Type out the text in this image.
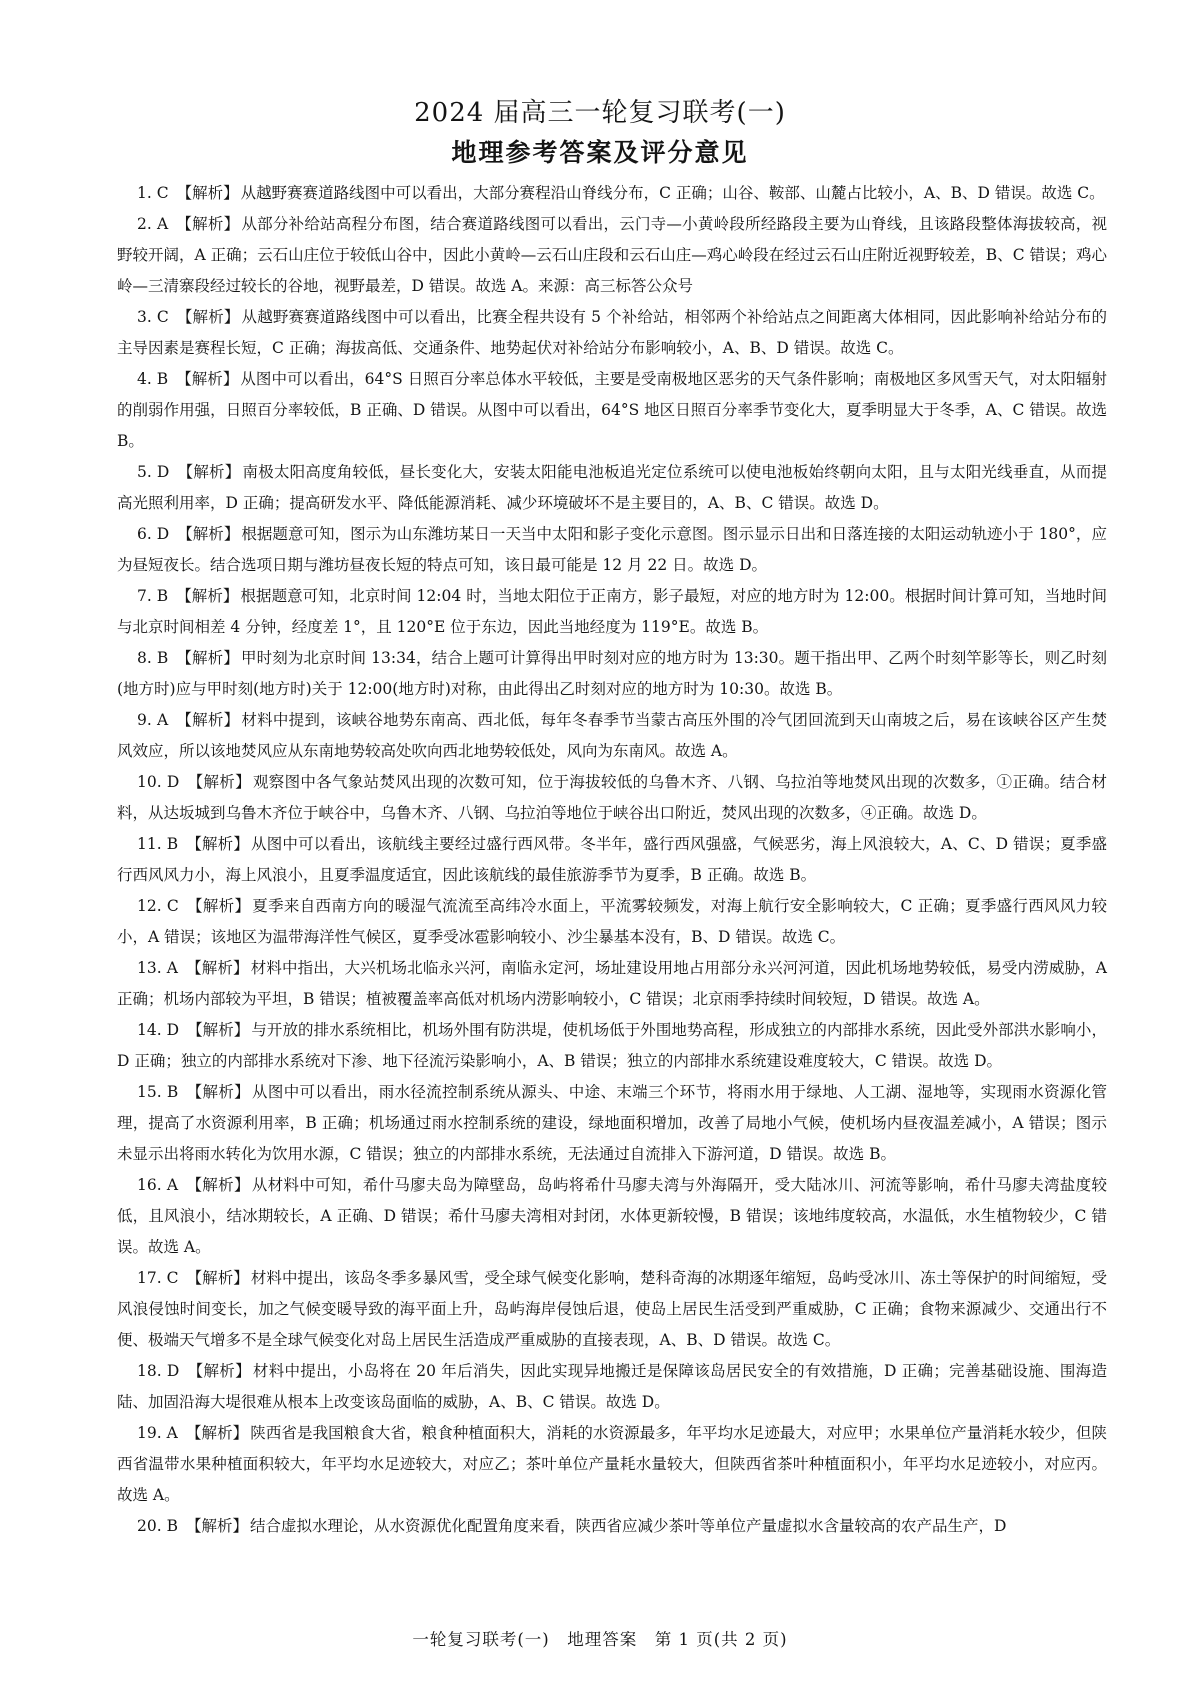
2024 届高三一轮复习联考(一)
地理参考答案及评分意见

1. C 【解析】 从越野赛赛道路线图中可以看出，大部分赛程沿山脊线分布，C 正确；山谷、鞍部、山麓占比较小，A、B、D 错误。故选 C。

2. A 【解析】 从部分补给站高程分布图，结合赛道路线图可以看出，云门寺—小黄岭段所经路段主要为山脊线，且该路段整体海拔较高，视野较开阔，A 正确；云石山庄位于较低山谷中，因此小黄岭—云石山庄段和云石山庄—鸡心岭段在经过云石山庄附近视野较差，B、C 错误；鸡心岭—三清寨段经过较长的谷地，视野最差，D 错误。故选 A。来源：高三标答公众号

3. C 【解析】 从越野赛赛道路线图中可以看出，比赛全程共设有 5 个补给站，相邻两个补给站点之间距离大体相同，因此影响补给站分布的主导因素是赛程长短，C 正确；海拔高低、交通条件、地势起伏对补给站分布影响较小，A、B、D 错误。故选 C。

4. B 【解析】 从图中可以看出，64°S 日照百分率总体水平较低，主要是受南极地区恶劣的天气条件影响；南极地区多风雪天气，对太阳辐射的削弱作用强，日照百分率较低，B 正确、D 错误。从图中可以看出，64°S 地区日照百分率季节变化大，夏季明显大于冬季，A、C 错误。故选 B。

5. D 【解析】 南极太阳高度角较低，昼长变化大，安装太阳能电池板追光定位系统可以使电池板始终朝向太阳，且与太阳光线垂直，从而提高光照利用率，D 正确；提高研发水平、降低能源消耗、减少环境破坏不是主要目的，A、B、C 错误。故选 D。

6. D 【解析】 根据题意可知，图示为山东潍坊某日一天当中太阳和影子变化示意图。图示显示日出和日落连接的太阳运动轨迹小于 180°，应为昼短夜长。结合选项日期与潍坊昼夜长短的特点可知，该日最可能是 12 月 22 日。故选 D。

7. B 【解析】 根据题意可知，北京时间 12:04 时，当地太阳位于正南方，影子最短，对应的地方时为 12:00。根据时间计算可知，当地时间与北京时间相差 4 分钟，经度差 1°，且 120°E 位于东边，因此当地经度为 119°E。故选 B。

8. B 【解析】 甲时刻为北京时间 13:34，结合上题可计算得出甲时刻对应的地方时为 13:30。题干指出甲、乙两个时刻竿影等长，则乙时刻(地方时)应与甲时刻(地方时)关于 12:00(地方时)对称，由此得出乙时刻对应的地方时为 10:30。故选 B。

9. A 【解析】 材料中提到，该峡谷地势东南高、西北低，每年冬春季节当蒙古高压外围的冷气团回流到天山南坡之后，易在该峡谷区产生焚风效应，所以该地焚风应从东南地势较高处吹向西北地势较低处，风向为东南风。故选 A。

10. D 【解析】 观察图中各气象站焚风出现的次数可知，位于海拔较低的乌鲁木齐、八钢、乌拉泊等地焚风出现的次数多，①正确。结合材料，从达坂城到乌鲁木齐位于峡谷中，乌鲁木齐、八钢、乌拉泊等地位于峡谷出口附近，焚风出现的次数多，④正确。故选 D。

11. B 【解析】 从图中可以看出，该航线主要经过盛行西风带。冬半年，盛行西风强盛，气候恶劣，海上风浪较大，A、C、D 错误；夏季盛行西风风力小，海上风浪小，且夏季温度适宜，因此该航线的最佳旅游季节为夏季，B 正确。故选 B。

12. C 【解析】 夏季来自西南方向的暖湿气流流至高纬冷水面上，平流雾较频发，对海上航行安全影响较大，C 正确；夏季盛行西风风力较小，A 错误；该地区为温带海洋性气候区，夏季受冰雹影响较小、沙尘暴基本没有，B、D 错误。故选 C。

13. A 【解析】 材料中指出，大兴机场北临永兴河，南临永定河，场址建设用地占用部分永兴河河道，因此机场地势较低，易受内涝威胁，A 正确；机场内部较为平坦，B 错误；植被覆盖率高低对机场内涝影响较小，C 错误；北京雨季持续时间较短，D 错误。故选 A。

14. D 【解析】 与开放的排水系统相比，机场外围有防洪堤，使机场低于外围地势高程，形成独立的内部排水系统，因此受外部洪水影响小，D 正确；独立的内部排水系统对下渗、地下径流污染影响小，A、B 错误；独立的内部排水系统建设难度较大，C 错误。故选 D。

15. B 【解析】 从图中可以看出，雨水径流控制系统从源头、中途、末端三个环节，将雨水用于绿地、人工湖、湿地等，实现雨水资源化管理，提高了水资源利用率，B 正确；机场通过雨水控制系统的建设，绿地面积增加，改善了局地小气候，使机场内昼夜温差减小，A 错误；图示未显示出将雨水转化为饮用水源，C 错误；独立的内部排水系统，无法通过自流排入下游河道，D 错误。故选 B。

16. A 【解析】 从材料中可知，希什马廖夫岛为障壁岛，岛屿将希什马廖夫湾与外海隔开，受大陆冰川、河流等影响，希什马廖夫湾盐度较低，且风浪小，结冰期较长，A 正确、D 错误；希什马廖夫湾相对封闭，水体更新较慢，B 错误；该地纬度较高，水温低，水生植物较少，C 错误。故选 A。

17. C 【解析】 材料中提出，该岛冬季多暴风雪，受全球气候变化影响，楚科奇海的冰期逐年缩短，岛屿受冰川、冻土等保护的时间缩短，受风浪侵蚀时间变长，加之气候变暖导致的海平面上升，岛屿海岸侵蚀后退，使岛上居民生活受到严重威胁，C 正确；食物来源减少、交通出行不便、极端天气增多不是全球气候变化对岛上居民生活造成严重威胁的直接表现，A、B、D 错误。故选 C。

18. D 【解析】 材料中提出，小岛将在 20 年后消失，因此实现异地搬迁是保障该岛居民安全的有效措施，D 正确；完善基础设施、围海造陆、加固沿海大堤很难从根本上改变该岛面临的威胁，A、B、C 错误。故选 D。

19. A 【解析】 陕西省是我国粮食大省，粮食种植面积大，消耗的水资源最多，年平均水足迹最大，对应甲；水果单位产量消耗水较少，但陕西省温带水果种植面积较大，年平均水足迹较大，对应乙；茶叶单位产量耗水量较大，但陕西省茶叶种植面积小，年平均水足迹较小，对应丙。故选 A。

20. B 【解析】 结合虚拟水理论，从水资源优化配置角度来看，陕西省应减少茶叶等单位产量虚拟水含量较高的农产品生产，D

一轮复习联考(一)　地理答案　第 1 页(共 2 页)
